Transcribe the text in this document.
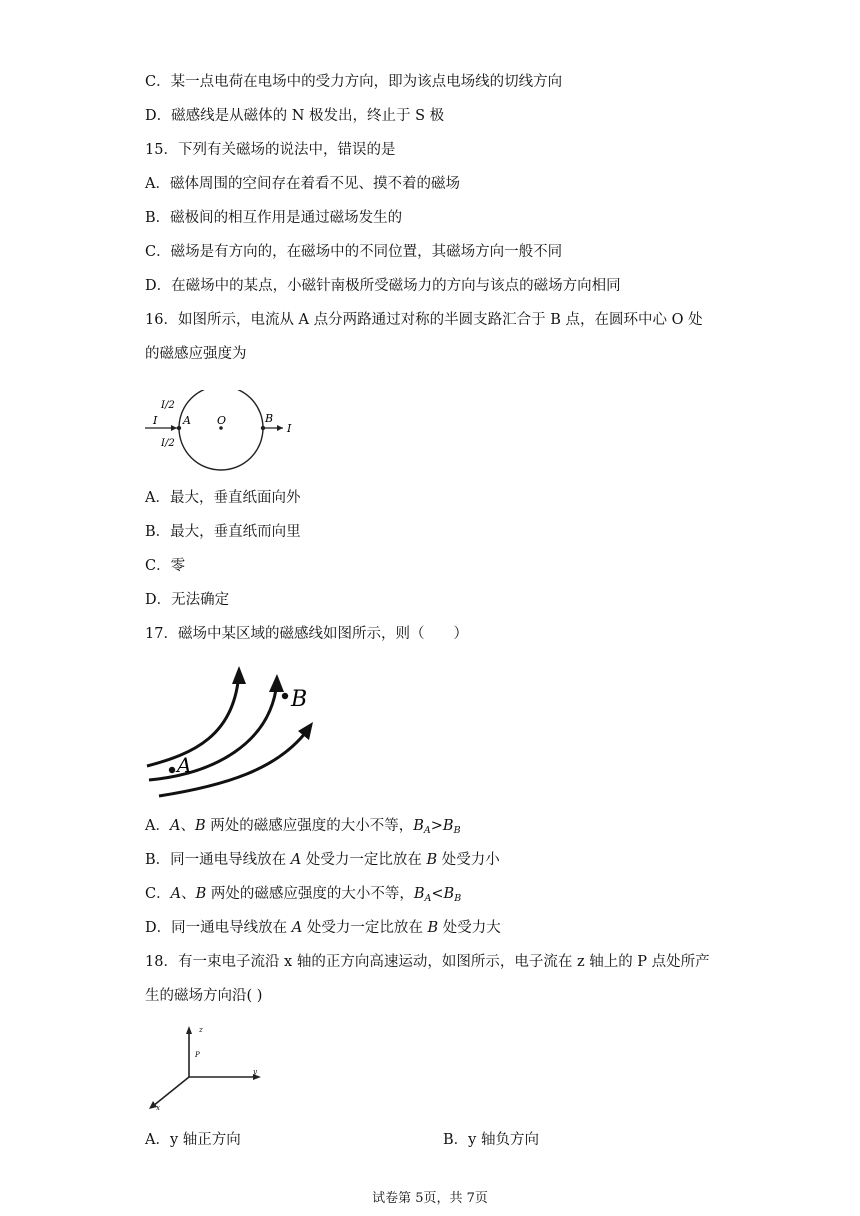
C．某一点电荷在电场中的受力方向，即为该点电场线的切线方向
D．磁感线是从磁体的 N 极发出，终止于 S 极
15．下列有关磁场的说法中，错误的是
A．磁体周围的空间存在着看不见、摸不着的磁场
B．磁极间的相互作用是通过磁场发生的
C．磁场是有方向的，在磁场中的不同位置，其磁场方向一般不同
D．在磁场中的某点，小磁针南极所受磁场力的方向与该点的磁场方向相同
16．如图所示，电流从 A 点分两路通过对称的半圆支路汇合于 B 点，在圆环中心 O 处
的磁感应强度为
I
I/2
I/2
A O	B
I
A．最大，垂直纸面向外
B．最大，垂直纸而向里
C．零
D．无法确定
17．磁场中某区域的磁感线如图所示，则（　　）
A
B
A．A、B 两处的磁感应强度的大小不等，$B_A>B_B$
B．同一通电导线放在 A 处受力一定比放在 B 处受力小
C．A、B 两处的磁感应强度的大小不等，$B_A<B_B$
D．同一通电导线放在 A 处受力一定比放在 B 处受力大
18．有一束电子流沿 x 轴的正方向高速运动，如图所示，电子流在 z 轴上的 P 点处所产
生的磁场方向沿( )
z
P
y
x
A．y 轴正方向	B．y 轴负方向
试卷第 5页，共 7页
